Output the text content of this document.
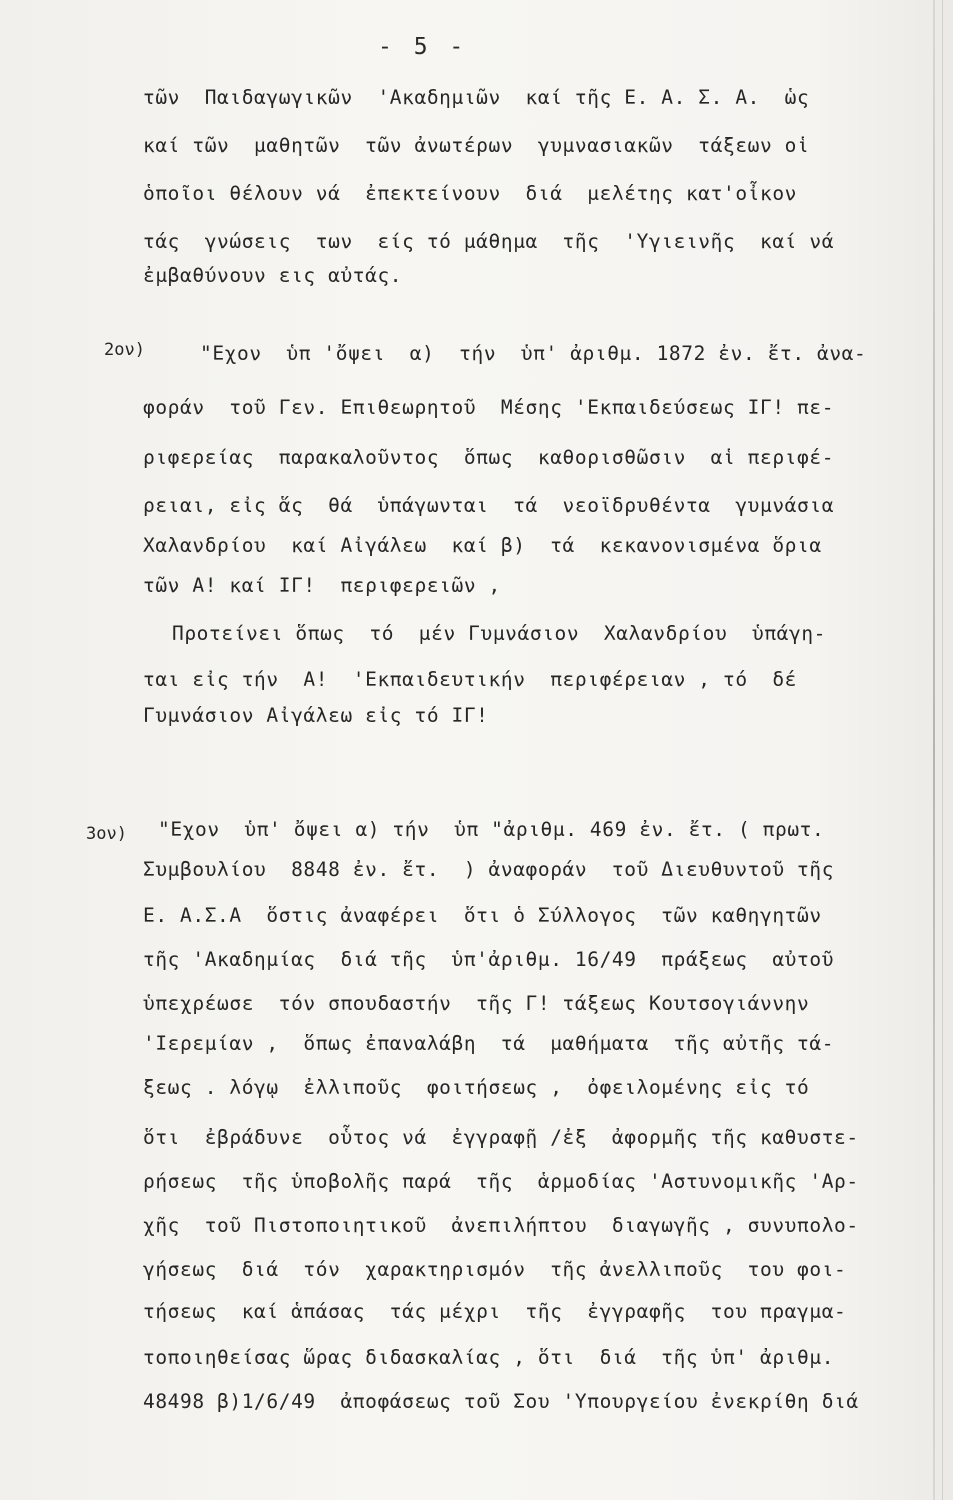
- 5 -
τῶν  Παιδαγωγικῶν  'Ακαδημιῶν  καί τῆς Ε. Α. Σ. Α.  ὡς
καί τῶν  μαθητῶν  τῶν ἀνωτέρων  γυμνασιακῶν  τάξεων οἱ
ὁποῖοι θέλουν νά  ἐπεκτείνουν  διά  μελέτης κατ'οἶκον
τάς  γνώσεις  των  είς τό μάθημα  τῆς  'Υγιεινῆς  καί νά
ἐμβαθύνουν εις αὐτάς.
2ον)	"Εχον  ὑπ 'ὄψει  α)  τήν  ὑπ' ἀριθμ. 1872 ἐν. ἔτ. ἀνα-
φοράν  τοῦ Γεν. Επιθεωρητοῦ  Μέσης 'Εκπαιδεύσεως ΙΓ! πε-
ριφερείας  παρακαλοῦντος  ὅπως  καθορισθῶσιν  αἱ περιφέ-
ρειαι, εἰς ἅς  θά  ὑπάγωνται  τά  νεοϊδρυθέντα  γυμνάσια
Χαλανδρίου  καί Αἰγάλεω  καί β)  τά  κεκανονισμένα ὅρια
τῶν Α! καί ΙΓ!  περιφερειῶν ,
Προτείνει ὅπως  τό  μέν Γυμνάσιον  Χαλανδρίου  ὑπάγη-
ται εἰς τήν  Α!  'Εκπαιδευτικήν  περιφέρειαν , τό  δέ
Γυμνάσιον Αἰγάλεω εἰς τό ΙΓ!
3ον) "Εχον  ὑπ' ὄψει α) τήν  ὑπ "ἀριθμ. 469 ἐν. ἔτ. ( πρωτ.
Συμβουλίου  8848 ἐν. ἔτ.  ) ἀναφοράν  τοῦ Διευθυντοῦ τῆς
Ε. Α.Σ.Α  ὅστις ἀναφέρει  ὅτι ὁ Σύλλογος  τῶν καθηγητῶν
τῆς 'Ακαδημίας  διά τῆς  ὑπ'ἀριθμ. 16/49  πράξεως  αὐτοῦ
ὑπεχρέωσε  τόν σπουδαστήν  τῆς Γ! τάξεως Κουτσογιάννην
'Ιερεμίαν ,  ὅπως ἐπαναλάβη  τά  μαθήματα  τῆς αὐτῆς τά-
ξεως . λόγῳ  ἐλλιποῦς  φοιτήσεως ,  ὀφειλομένης εἰς τό
ὅτι  ἐβράδυνε  οὗτος νά  ἐγγραφῇ /ἐξ  ἀφορμῆς τῆς καθυστε-
ρήσεως  τῆς ὑποβολῆς παρά  τῆς  ἁρμοδίας 'Αστυνομικῆς 'Αρ-
χῆς  τοῦ Πιστοποιητικοῦ  ἀνεπιλήπτου  διαγωγῆς , συνυπολο-
γήσεως  διά  τόν  χαρακτηρισμόν  τῆς ἀνελλιποῦς  του φοι-
τήσεως  καί ἁπάσας  τάς μέχρι  τῆς  ἐγγραφῆς  του πραγμα-
τοποιηθείσας ὥρας διδασκαλίας , ὅτι  διά  τῆς ὑπ' ἀριθμ.
48498 β)1/6/49  ἀποφάσεως τοῦ Σου 'Υπουργείου ἐνεκρίθη διά
